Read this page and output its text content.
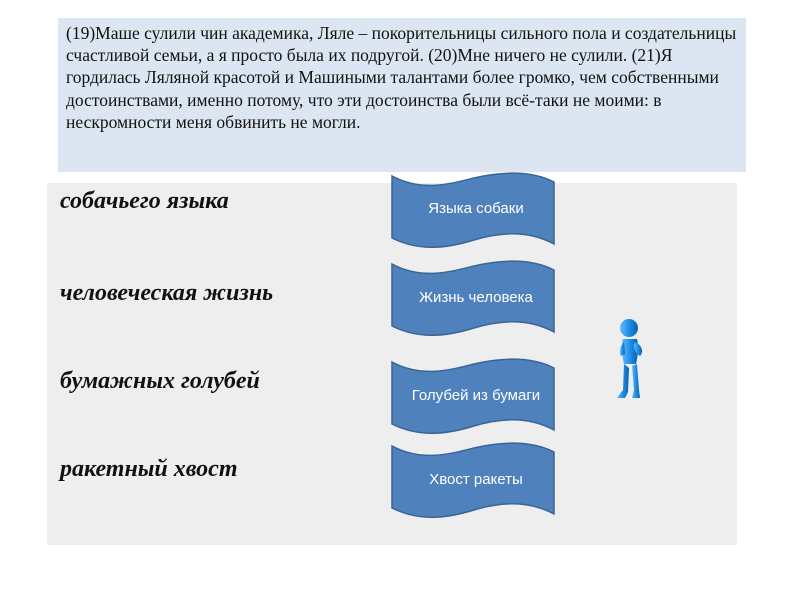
(19)Маше сулили чин академика, Ляле – покорительницы сильного пола и создательницы счастливой семьи, а я просто была их подругой. (20)Мне ничего не сулили. (21)Я гордилась Ляляной красотой и Машиными талантами более громко, чем собственными достоинствами, именно потому, что эти достоинства были всё-таки не моими: в нескромности меня обвинить не могли.
собачьего языка
человеческая жизнь
бумажных голубей
ракетный хвост
Языка собаки
Жизнь человека
Голубей из бумаги
Хвост ракеты
